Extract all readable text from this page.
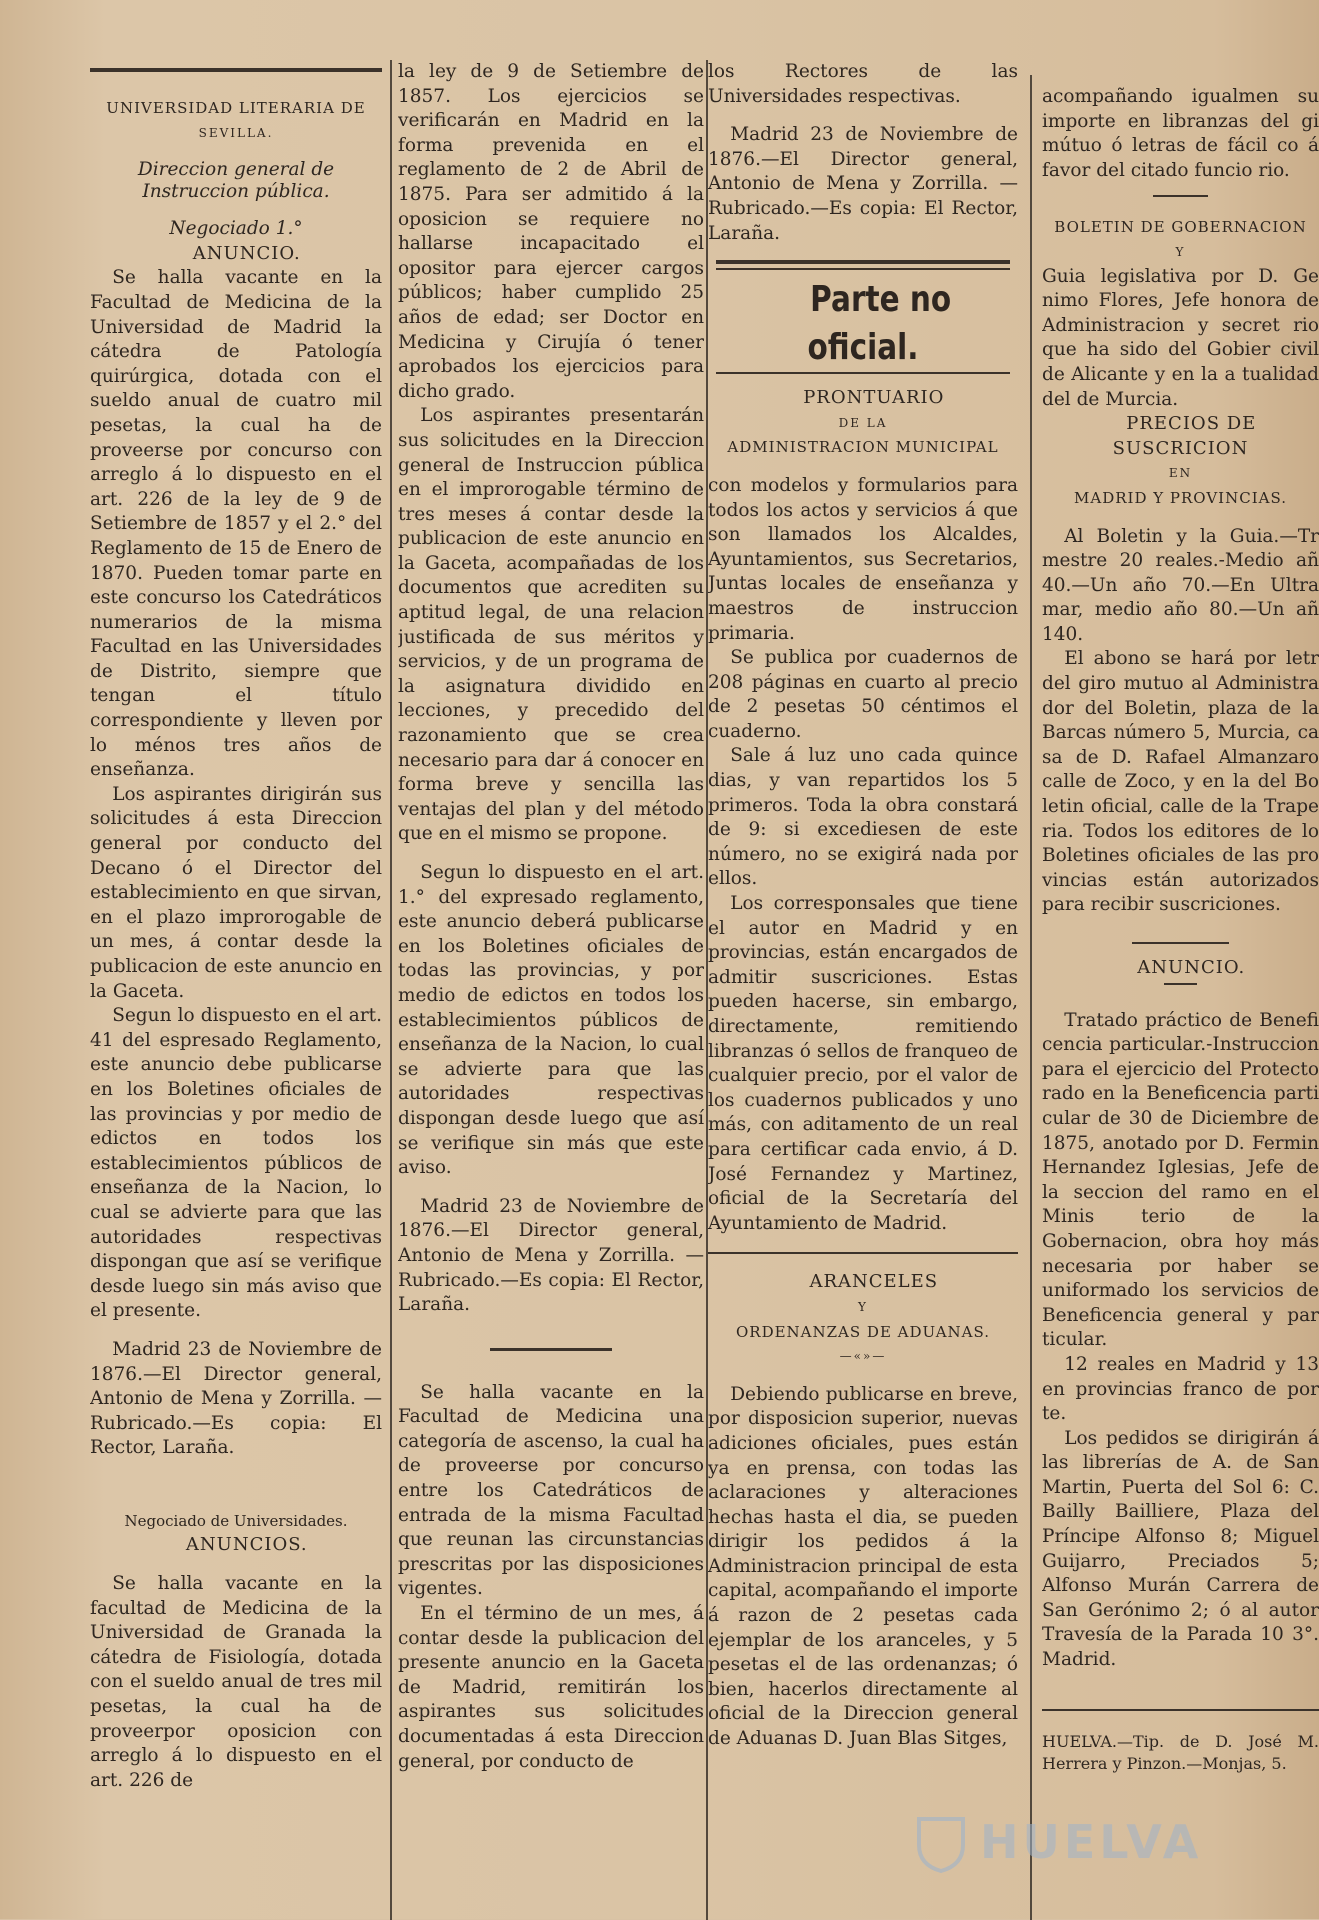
UNIVERSIDAD LITERARIA DE

SEVILLA.

Direccion general de Instruccion pública.

Negociado 1.°

ANUNCIO.

Se halla vacante en la Facultad de Medicina de la Universidad de Madrid la cátedra de Patología quirúrgica, dotada con el sueldo anual de cuatro mil pesetas, la cual ha de proveerse por concurso con arreglo á lo dispuesto en el art. 226 de la ley de 9 de Setiembre de 1857 y el 2.° del Reglamento de 15 de Enero de 1870. Pueden tomar parte en este concurso los Catedráticos numerarios de la misma Facultad en las Universidades de Distrito, siempre que tengan el título correspondiente y lleven por lo ménos tres años de enseñanza.

Los aspirantes dirigirán sus solicitudes á esta Direccion general por conducto del Decano ó el Director del establecimiento en que sirvan, en el plazo improrogable de un mes, á contar desde la publicacion de este anuncio en la Gaceta.

Segun lo dispuesto en el art. 41 del espresado Reglamento, este anuncio debe publicarse en los Boletines oficiales de las provincias y por medio de edictos en todos los establecimientos públicos de enseñanza de la Nacion, lo cual se advierte para que las autoridades respectivas dispongan que así se verifique desde luego sin más aviso que el presente.

Madrid 23 de Noviembre de 1876.—El Director general, Antonio de Mena y Zorrilla. —Rubricado.—Es copia: El Rector, Laraña.

Negociado de Universidades.

ANUNCIOS.

Se halla vacante en la facultad de Medicina de la Universidad de Granada la cátedra de Fisiología, dotada con el sueldo anual de tres mil pesetas, la cual ha de proveerpor oposicion con arreglo á lo dispuesto en el art. 226 de

la ley de 9 de Setiembre de 1857. Los ejercicios se verificarán en Madrid en la forma prevenida en el reglamento de 2 de Abril de 1875. Para ser admitido á la oposicion se requiere no hallarse incapacitado el opositor para ejercer cargos públicos; haber cumplido 25 años de edad; ser Doctor en Medicina y Cirujía ó tener aprobados los ejercicios para dicho grado.

Los aspirantes presentarán sus solicitudes en la Direccion general de Instruccion pública en el improrogable término de tres meses á contar desde la publicacion de este anuncio en la Gaceta, acompañadas de los documentos que acrediten su aptitud legal, de una relacion justificada de sus méritos y servicios, y de un programa de la asignatura dividido en lecciones, y precedido del razonamiento que se crea necesario para dar á conocer en forma breve y sencilla las ventajas del plan y del método que en el mismo se propone.

Segun lo dispuesto en el art. 1.° del expresado reglamento, este anuncio deberá publicarse en los Boletines oficiales de todas las provincias, y por medio de edictos en todos los establecimientos públicos de enseñanza de la Nacion, lo cual se advierte para que las autoridades respectivas dispongan desde luego que así se verifique sin más que este aviso.

Madrid 23 de Noviembre de 1876.—El Director general, Antonio de Mena y Zorrilla. —Rubricado.—Es copia: El Rector, Laraña.

Se halla vacante en la Facultad de Medicina una categoría de ascenso, la cual ha de proveerse por concurso entre los Catedráticos de entrada de la misma Facultad que reunan las circunstancias prescritas por las disposiciones vigentes.

En el término de un mes, á contar desde la publicacion del presente anuncio en la Gaceta de Madrid, remitirán los aspirantes sus solicitudes documentadas á esta Direccion general, por conducto de

los Rectores de las Universidades respectivas.

Madrid 23 de Noviembre de 1876.—El Director general, Antonio de Mena y Zorrilla. —Rubricado.—Es copia: El Rector, Laraña.

Parte no oficial.

PRONTUARIO

DE LA

ADMINISTRACION MUNICIPAL

con modelos y formularios para todos los actos y servicios á que son llamados los Alcaldes, Ayuntamientos, sus Secretarios, Juntas locales de enseñanza y maestros de instruccion primaria.

Se publica por cuadernos de 208 páginas en cuarto al precio de 2 pesetas 50 céntimos el cuaderno.

Sale á luz uno cada quince dias, y van repartidos los 5 primeros. Toda la obra constará de 9: si excediesen de este número, no se exigirá nada por ellos.

Los corresponsales que tiene el autor en Madrid y en provincias, están encargados de admitir suscriciones. Estas pueden hacerse, sin embargo, directamente, remitiendo libranzas ó sellos de franqueo de cualquier precio, por el valor de los cuadernos publicados y uno más, con aditamento de un real para certificar cada envio, á D. José Fernandez y Martinez, oficial de la Secretaría del Ayuntamiento de Madrid.

ARANCELES

Y

ORDENANZAS DE ADUANAS.

—«»—

Debiendo publicarse en breve, por disposicion superior, nuevas adiciones oficiales, pues están ya en prensa, con todas las aclaraciones y alteraciones hechas hasta el dia, se pueden dirigir los pedidos á la Administracion principal de esta capital, acompañando el importe á razon de 2 pesetas cada ejemplar de los aranceles, y 5 pesetas el de las ordenanzas; ó bien, hacerlos directamente al oficial de la Direccion general de Aduanas D. Juan Blas Sitges,

acompañando igualmen su importe en libranzas del gi mútuo ó letras de fácil co á favor del citado funcio rio.

BOLETIN DE GOBERNACION

Y

Guia legislativa por D. Ge nimo Flores, Jefe honora de Administracion y secret rio que ha sido del Gobier civil de Alicante y en la a tualidad del de Murcia.

PRECIOS DE SUSCRICION

EN

MADRID Y PROVINCIAS.

Al Boletin y la Guia.—Tr mestre 20 reales.-Medio añ 40.—Un año 70.—En Ultra mar, medio año 80.—Un añ 140.

El abono se hará por letr del giro mutuo al Administra dor del Boletin, plaza de la Barcas número 5, Murcia, ca sa de D. Rafael Almanzaro calle de Zoco, y en la del Bo letin oficial, calle de la Trape ria. Todos los editores de lo Boletines oficiales de las pro vincias están autorizados para recibir suscriciones.

ANUNCIO.

Tratado práctico de Benefi cencia particular.-Instruccion para el ejercicio del Protecto rado en la Beneficencia parti cular de 30 de Diciembre de 1875, anotado por D. Fermin Hernandez Iglesias, Jefe de la seccion del ramo en el Minis terio de la Gobernacion, obra hoy más necesaria por haber se uniformado los servicios de Beneficencia general y par ticular.

12 reales en Madrid y 13 en provincias franco de por te.

Los pedidos se dirigirán á las librerías de A. de San Martin, Puerta del Sol 6: C. Bailly Bailliere, Plaza del Príncipe Alfonso 8; Miguel Guijarro, Preciados 5; Alfonso Murán Carrera de San Gerónimo 2; ó al autor Travesía de la Parada 10 3°. Madrid.

HUELVA.—Tip. de D. José M. Herrera y Pinzon.—Monjas, 5.

HUELVA
